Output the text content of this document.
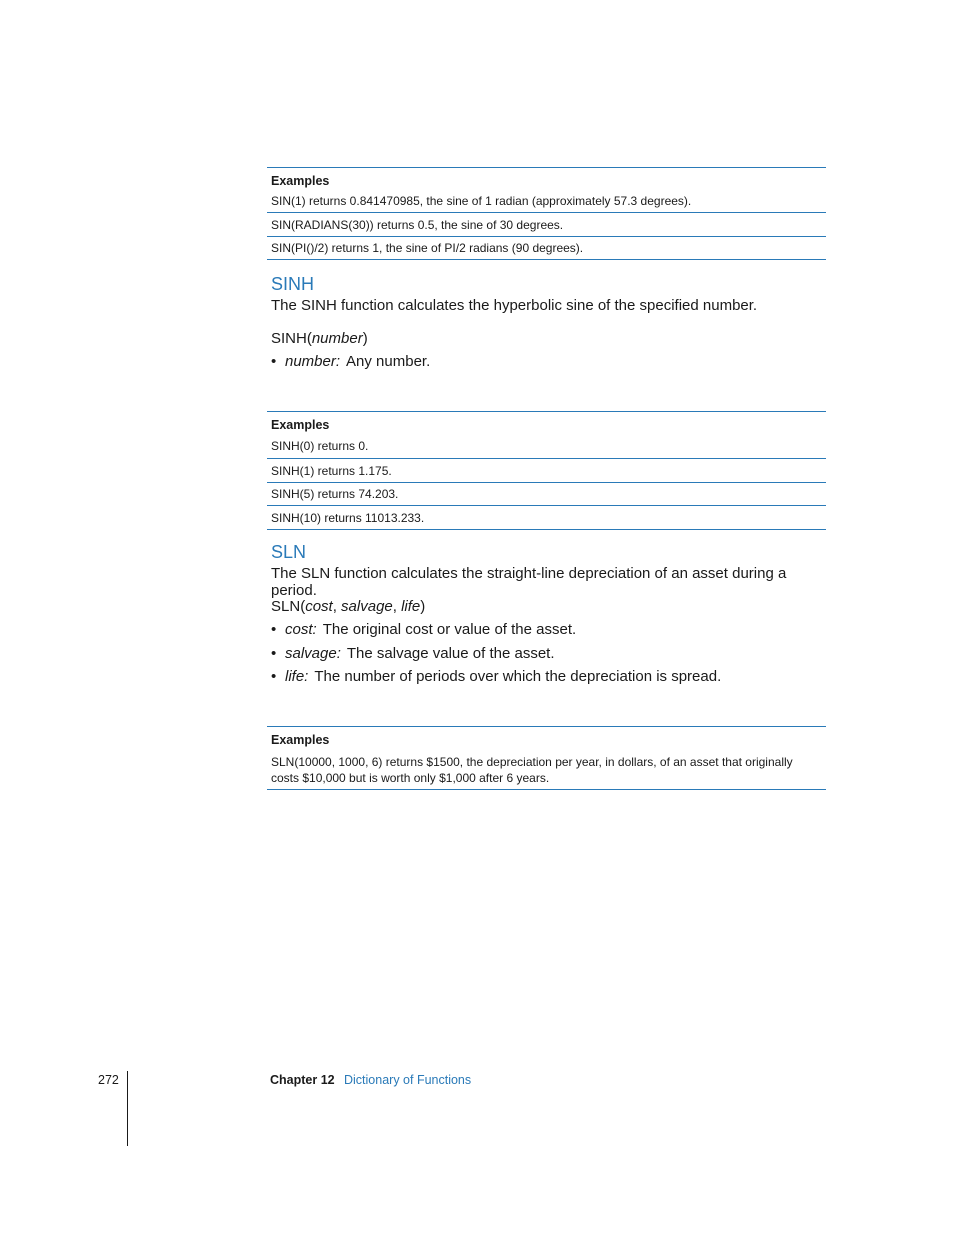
Examples
SIN(1) returns 0.841470985, the sine of 1 radian (approximately 57.3 degrees).
SIN(RADIANS(30)) returns 0.5, the sine of 30 degrees.
SIN(PI()/2) returns 1, the sine of PI/2 radians (90 degrees).
SINH

The SINH function calculates the hyperbolic sine of the specified number.

SINH(number)

• number: Any number.

Examples
SINH(0) returns 0.
SINH(1) returns 1.175.
SINH(5) returns 74.203.
SINH(10) returns 11013.233.
SLN

The SLN function calculates the straight-line depreciation of an asset during a period.

SLN(cost, salvage, life)

• cost: The original cost or value of the asset.

• salvage: The salvage value of the asset.

• life: The number of periods over which the depreciation is spread.

Examples
SLN(10000, 1000, 6) returns $1500, the depreciation per year, in dollars, of an asset that originally costs $10,000 but is worth only $1,000 after 6 years.
272	Chapter 12 Dictionary of Functions
